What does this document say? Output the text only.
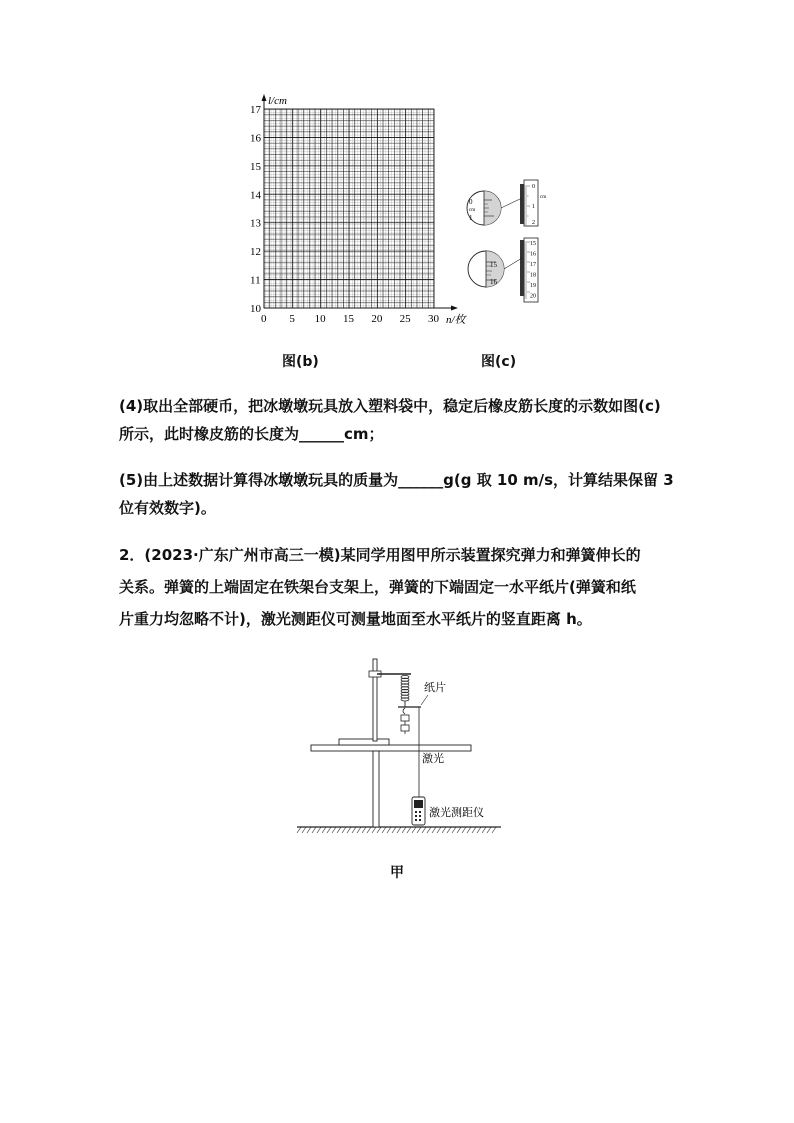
l/cm
n/枚
10
11
12
13
14
15
16
17
0 5 10 15 20 25 30
0
1
2
cm
0
cm
1
15
16
17
18
19
20
15
16
图(b)	图(c)
(4)取出全部硬币，把冰墩墩玩具放入塑料袋中，稳定后橡皮筋长度的示数如图(c)
所示，此时橡皮筋的长度为______cm；
(5)由上述数据计算得冰墩墩玩具的质量为______g(g 取 10 m/s，计算结果保留 3
位有效数字)。
2．(2023·广东广州市高三一模)某同学用图甲所示装置探究弹力和弹簧伸长的
关系。弹簧的上端固定在铁架台支架上，弹簧的下端固定一水平纸片(弹簧和纸
片重力均忽略不计)，激光测距仪可测量地面至水平纸片的竖直距离 h。
纸片
激光
激光测距仪
甲
